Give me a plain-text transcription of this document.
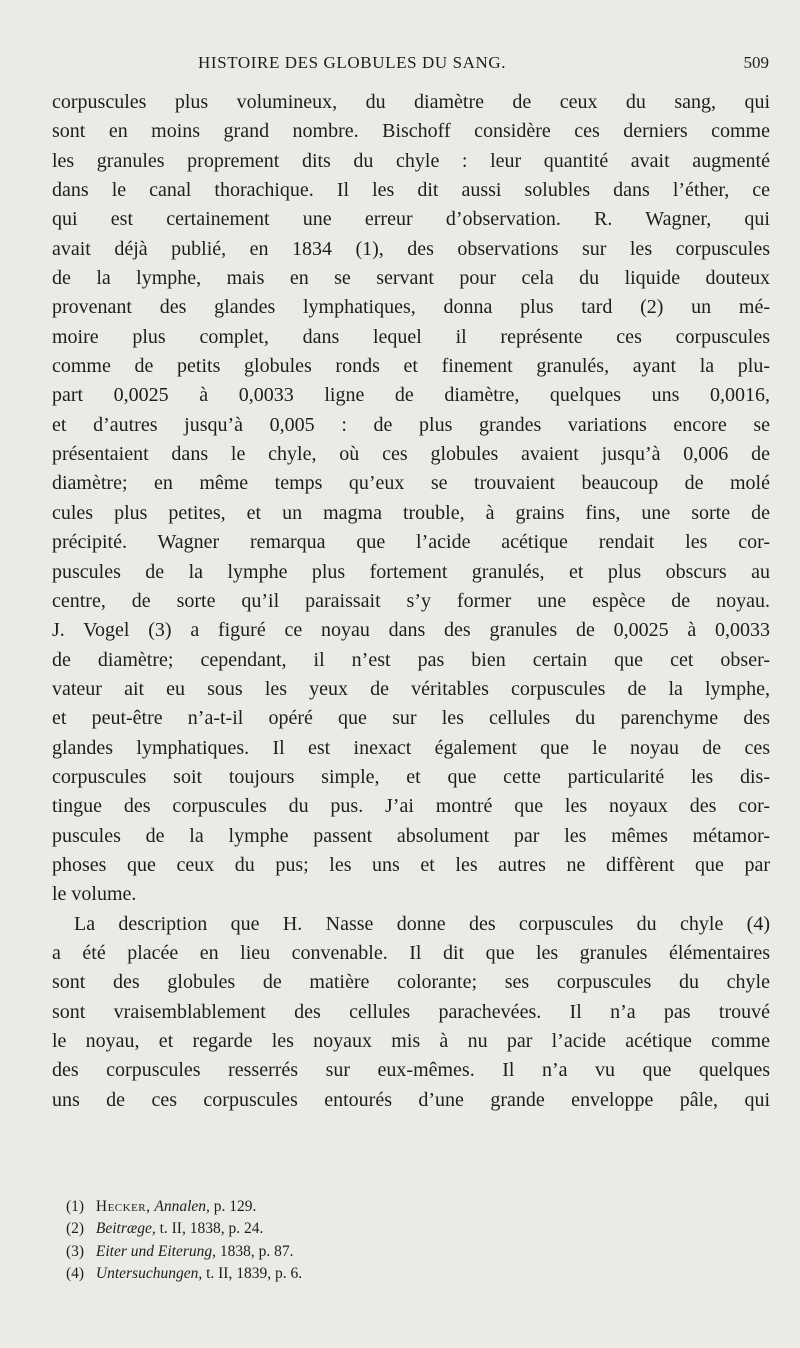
HISTOIRE DES GLOBULES DU SANG.	509
corpuscules plus volumineux, du diamètre de ceux du sang, qui
sont en moins grand nombre. Bischoff considère ces derniers comme
les granules proprement dits du chyle : leur quantité avait augmenté
dans le canal thorachique. Il les dit aussi solubles dans l’éther, ce
qui est certainement une erreur d’observation. R. Wagner, qui
avait déjà publié, en 1834 (1), des observations sur les corpuscules
de la lymphe, mais en se servant pour cela du liquide douteux
provenant des glandes lymphatiques, donna plus tard (2) un mé-
moire plus complet, dans lequel il représente ces corpuscules
comme de petits globules ronds et finement granulés, ayant la plu-
part 0,0025 à 0,0033 ligne de diamètre, quelques uns 0,0016,
et d’autres jusqu’à 0,005 : de plus grandes variations encore se
présentaient dans le chyle, où ces globules avaient jusqu’à 0,006 de
diamètre; en même temps qu’eux se trouvaient beaucoup de molé
cules plus petites, et un magma trouble, à grains fins, une sorte de
précipité. Wagner remarqua que l’acide acétique rendait les cor-
puscules de la lymphe plus fortement granulés, et plus obscurs au
centre, de sorte qu’il paraissait s’y former une espèce de noyau.
J. Vogel (3) a figuré ce noyau dans des granules de 0,0025 à 0,0033
de diamètre; cependant, il n’est pas bien certain que cet obser-
vateur ait eu sous les yeux de véritables corpuscules de la lymphe,
et peut-être n’a-t-il opéré que sur les cellules du parenchyme des
glandes lymphatiques. Il est inexact également que le noyau de ces
corpuscules soit toujours simple, et que cette particularité les dis-
tingue des corpuscules du pus. J’ai montré que les noyaux des cor-
puscules de la lymphe passent absolument par les mêmes métamor-
phoses que ceux du pus; les uns et les autres ne diffèrent que par
le volume.
La description que H. Nasse donne des corpuscules du chyle (4)
a été placée en lieu convenable. Il dit que les granules élémentaires
sont des globules de matière colorante; ses corpuscules du chyle
sont vraisemblablement des cellules parachevées. Il n’a pas trouvé
le noyau, et regarde les noyaux mis à nu par l’acide acétique comme
des corpuscules resserrés sur eux-mêmes. Il n’a vu que quelques
uns de ces corpuscules entourés d’une grande enveloppe pâle, qui
(1) Hecker, Annalen, p. 129.
(2) Beitræge, t. II, 1838, p. 24.
(3) Eiter und Eiterung, 1838, p. 87.
(4) Untersuchungen, t. II, 1839, p. 6.
